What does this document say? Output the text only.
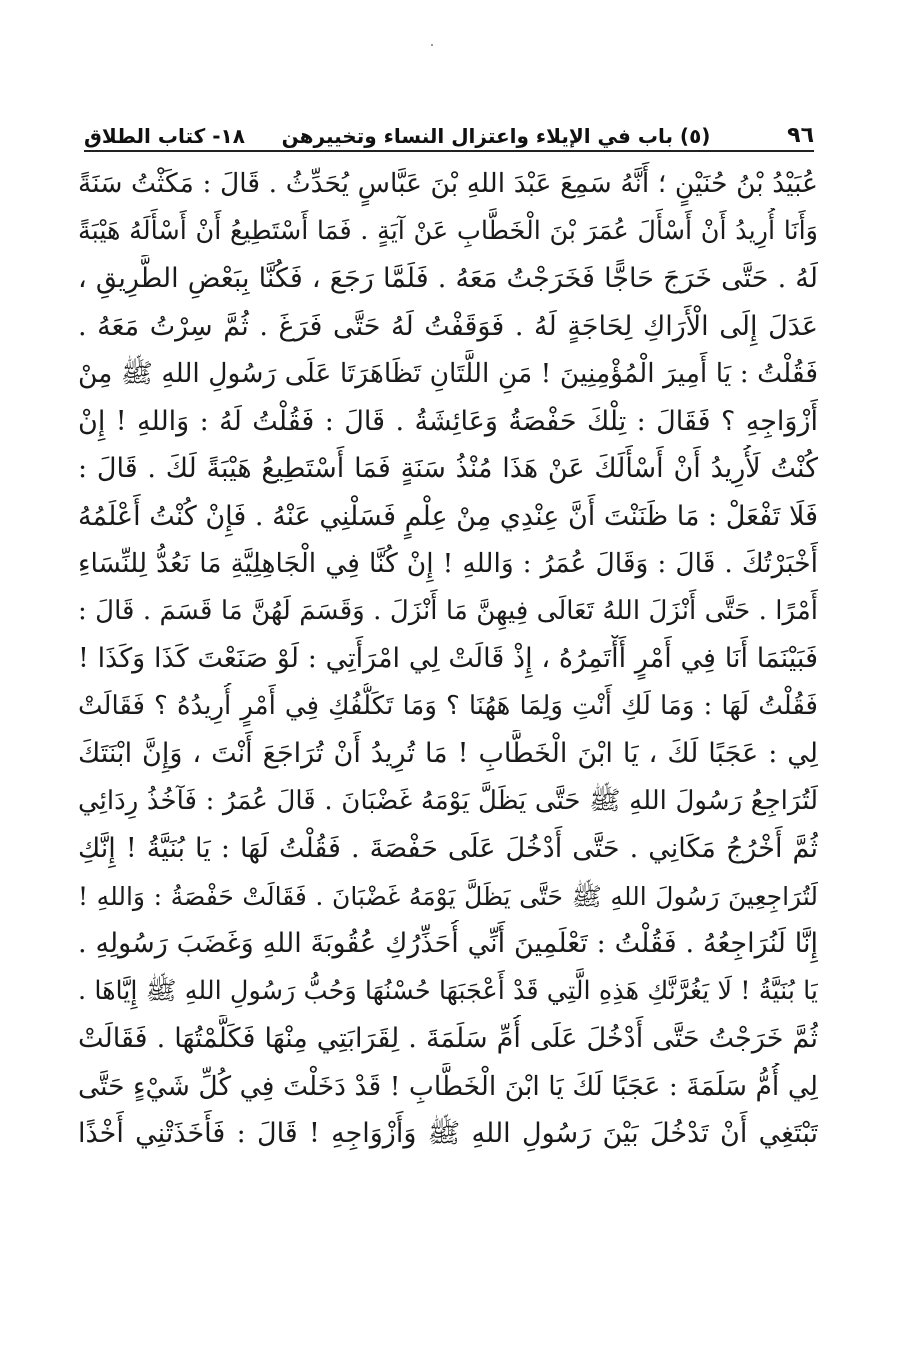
٩٦
(٥) باب في الإيلاء واعتزال النساء وتخييرهن
١٨- كتاب الطلاق
عُبَيْدُ بْنُ حُنَيْنٍ ؛ أَنَّهُ سَمِعَ عَبْدَ اللهِ بْنَ عَبَّاسٍ يُحَدِّثُ . قَالَ : مَكَثْتُ سَنَةً
وَأَنَا أُرِيدُ أَنْ أَسْأَلَ عُمَرَ بْنَ الْخَطَّابِ عَنْ آيَةٍ . فَمَا أَسْتَطِيعُ أَنْ أَسْأَلَهُ هَيْبَةً
لَهُ . حَتَّى خَرَجَ حَاجًّا فَخَرَجْتُ مَعَهُ . فَلَمَّا رَجَعَ ، فَكُنَّا بِبَعْضِ الطَّرِيقِ ،
عَدَلَ إِلَى الْأَرَاكِ لِحَاجَةٍ لَهُ . فَوَقَفْتُ لَهُ حَتَّى فَرَغَ . ثُمَّ سِرْتُ مَعَهُ .
فَقُلْتُ : يَا أَمِيرَ الْمُؤْمِنِينَ ! مَنِ اللَّتَانِ تَظَاهَرَتَا عَلَى رَسُولِ اللهِ ﷺ مِنْ
أَزْوَاجِهِ ؟ فَقَالَ : تِلْكَ حَفْصَةُ وَعَائِشَةُ . قَالَ : فَقُلْتُ لَهُ : وَاللهِ ! إِنْ
كُنْتُ لَأُرِيدُ أَنْ أَسْأَلَكَ عَنْ هَذَا مُنْذُ سَنَةٍ فَمَا أَسْتَطِيعُ هَيْبَةً لَكَ . قَالَ :
فَلَا تَفْعَلْ : مَا ظَنَنْتَ أَنَّ عِنْدِي مِنْ عِلْمٍ فَسَلْنِي عَنْهُ . فَإِنْ كُنْتُ أَعْلَمُهُ
أَخْبَرْتُكَ . قَالَ : وَقَالَ عُمَرُ : وَاللهِ ! إِنْ كُنَّا فِي الْجَاهِلِيَّةِ مَا نَعُدُّ لِلنِّسَاءِ
أَمْرًا . حَتَّى أَنْزَلَ اللهُ تَعَالَى فِيهِنَّ مَا أَنْزَلَ . وَقَسَمَ لَهُنَّ مَا قَسَمَ . قَالَ :
فَبَيْنَمَا أَنَا فِي أَمْرٍ أَأْتَمِرُهُ ، إِذْ قَالَتْ لِي امْرَأَتِي : لَوْ صَنَعْتَ كَذَا وَكَذَا !
فَقُلْتُ لَهَا : وَمَا لَكِ أَنْتِ وَلِمَا هَهُنَا ؟ وَمَا تَكَلُّفُكِ فِي أَمْرٍ أُرِيدُهُ ؟ فَقَالَتْ
لِي : عَجَبًا لَكَ ، يَا ابْنَ الْخَطَّابِ ! مَا تُرِيدُ أَنْ تُرَاجَعَ أَنْتَ ، وَإِنَّ ابْنَتَكَ
لَتُرَاجِعُ رَسُولَ اللهِ ﷺ حَتَّى يَظَلَّ يَوْمَهُ غَضْبَانَ . قَالَ عُمَرُ : فَآخُذُ رِدَائِي
ثُمَّ أَخْرُجُ مَكَانِي . حَتَّى أَدْخُلَ عَلَى حَفْصَةَ . فَقُلْتُ لَهَا : يَا بُنَيَّةُ ! إِنَّكِ
لَتُرَاجِعِينَ رَسُولَ اللهِ ﷺ حَتَّى يَظَلَّ يَوْمَهُ غَضْبَانَ . فَقَالَتْ حَفْصَةُ : وَاللهِ !
إِنَّا لَنُرَاجِعُهُ . فَقُلْتُ : تَعْلَمِينَ أَنِّي أُحَذِّرُكِ عُقُوبَةَ اللهِ وَغَضَبَ رَسُولِهِ .
يَا بُنَيَّةُ ! لَا يَغُرَّنَّكِ هَذِهِ الَّتِي قَدْ أَعْجَبَهَا حُسْنُهَا وَحُبُّ رَسُولِ اللهِ ﷺ إِيَّاهَا .
ثُمَّ خَرَجْتُ حَتَّى أَدْخُلَ عَلَى أُمِّ سَلَمَةَ . لِقَرَابَتِي مِنْهَا فَكَلَّمْتُهَا . فَقَالَتْ
لِي أُمُّ سَلَمَةَ : عَجَبًا لَكَ يَا ابْنَ الْخَطَّابِ ! قَدْ دَخَلْتَ فِي كُلِّ شَيْءٍ حَتَّى
تَبْتَغِي أَنْ تَدْخُلَ بَيْنَ رَسُولِ اللهِ ﷺ وَأَزْوَاجِهِ ! قَالَ : فَأَخَذَتْنِي أَخْذًا
